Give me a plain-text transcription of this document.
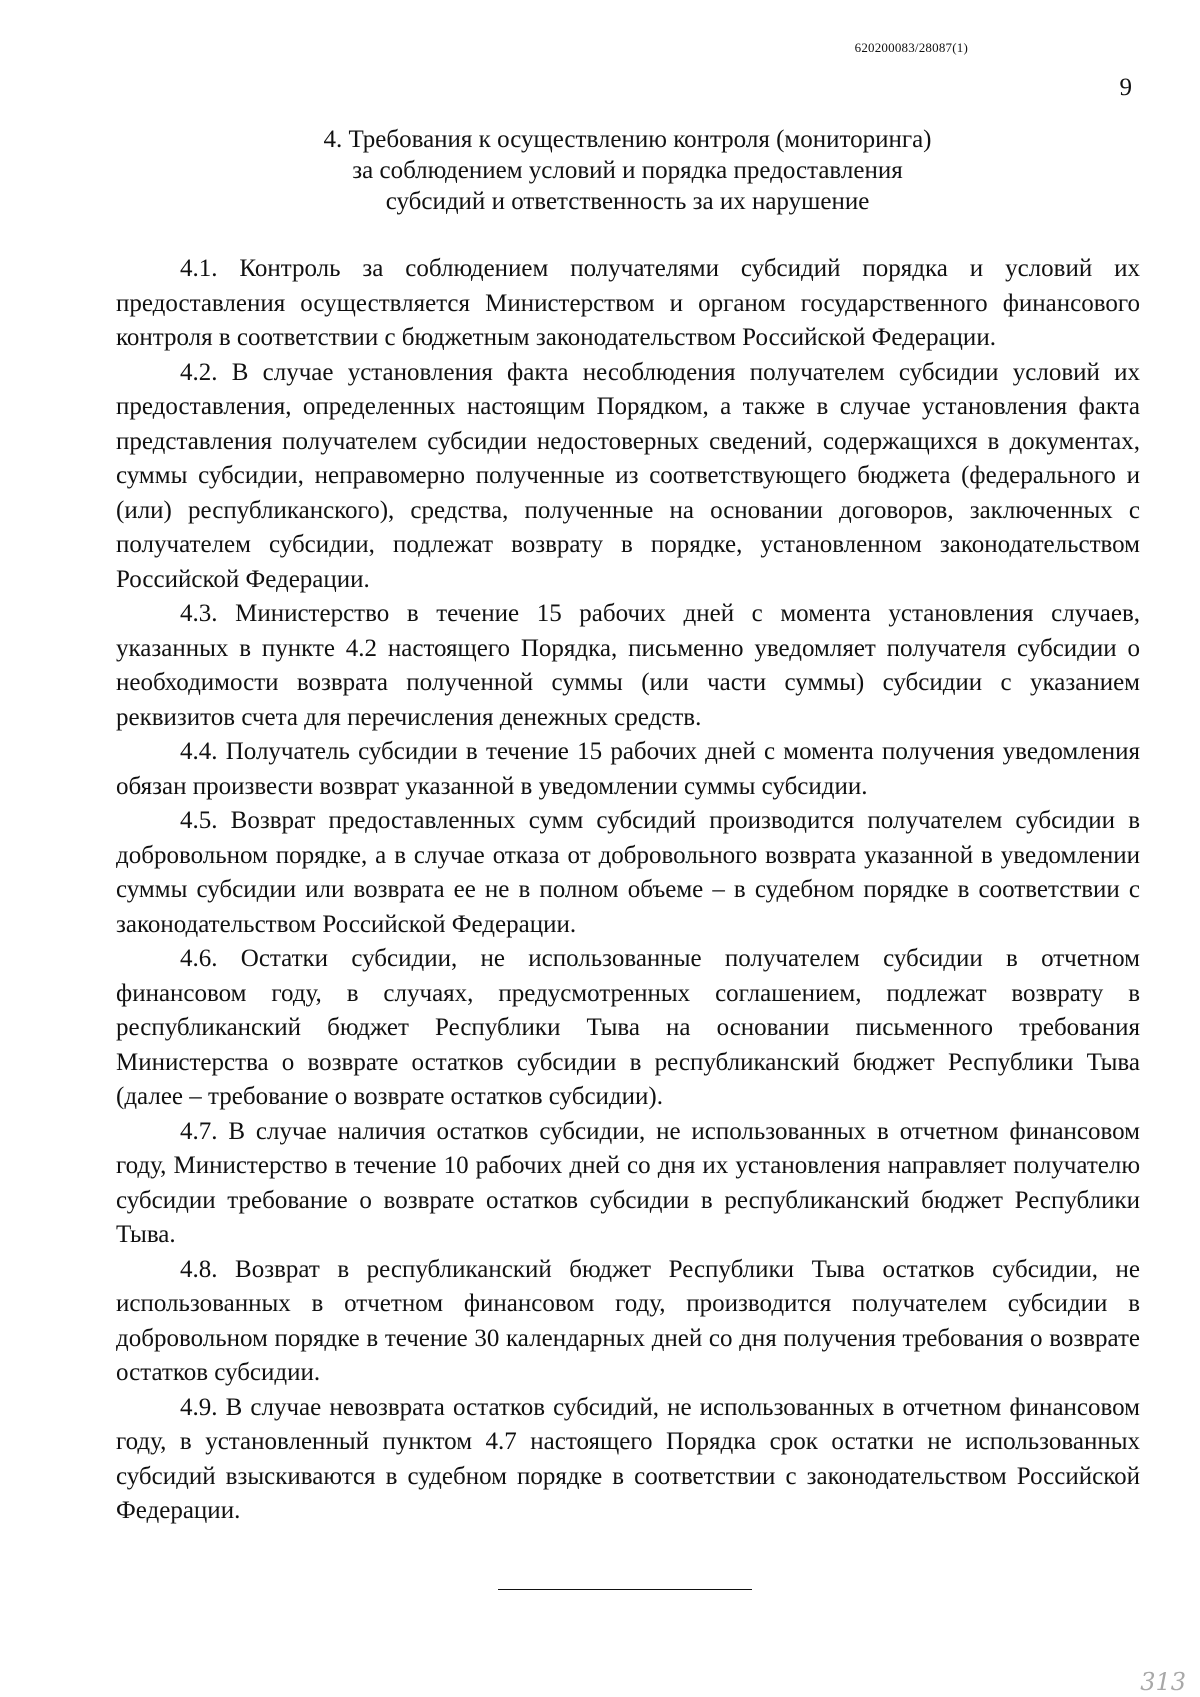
620200083/28087(1)
9
4. Требования к осуществлению контроля (мониторинга)
за соблюдением условий и порядка предоставления
субсидий и ответственность за их нарушение

4.1. Контроль за соблюдением получателями субсидий порядка и условий их предоставления осуществляется Министерством и органом государственного финансового контроля в соответствии с бюджетным законодательством Российской Федерации.

4.2. В случае установления факта несоблюдения получателем субсидии условий их предоставления, определенных настоящим Порядком, а также в случае установления факта представления получателем субсидии недостоверных сведений, содержащихся в документах, суммы субсидии, неправомерно полученные из соответствующего бюджета (федерального и (или) республиканского), средства, полученные на основании договоров, заключенных с получателем субсидии, подлежат возврату в порядке, установленном законодательством Российской Федерации.

4.3. Министерство в течение 15 рабочих дней с момента установления случаев, указанных в пункте 4.2 настоящего Порядка, письменно уведомляет получателя субсидии о необходимости возврата полученной суммы (или части суммы) субсидии с указанием реквизитов счета для перечисления денежных средств.

4.4. Получатель субсидии в течение 15 рабочих дней с момента получения уведомления обязан произвести возврат указанной в уведомлении суммы субсидии.

4.5. Возврат предоставленных сумм субсидий производится получателем субсидии в добровольном порядке, а в случае отказа от добровольного возврата указанной в уведомлении суммы субсидии или возврата ее не в полном объеме – в судебном порядке в соответствии с законодательством Российской Федерации.

4.6. Остатки субсидии, не использованные получателем субсидии в отчетном финансовом году, в случаях, предусмотренных соглашением, подлежат возврату в республиканский бюджет Республики Тыва на основании письменного требования Министерства о возврате остатков субсидии в республиканский бюджет Республики Тыва (далее – требование о возврате остатков субсидии).

4.7. В случае наличия остатков субсидии, не использованных в отчетном финансовом году, Министерство в течение 10 рабочих дней со дня их установления направляет получателю субсидии требование о возврате остатков субсидии в республиканский бюджет Республики Тыва.

4.8. Возврат в республиканский бюджет Республики Тыва остатков субсидии, не использованных в отчетном финансовом году, производится получателем субсидии в добровольном порядке в течение 30 календарных дней со дня получения требования о возврате остатков субсидии.

4.9. В случае невозврата остатков субсидий, не использованных в отчетном финансовом году, в установленный пунктом 4.7 настоящего Порядка срок остатки не использованных субсидий взыскиваются в судебном порядке в соответствии с законодательством Российской Федерации.

313
